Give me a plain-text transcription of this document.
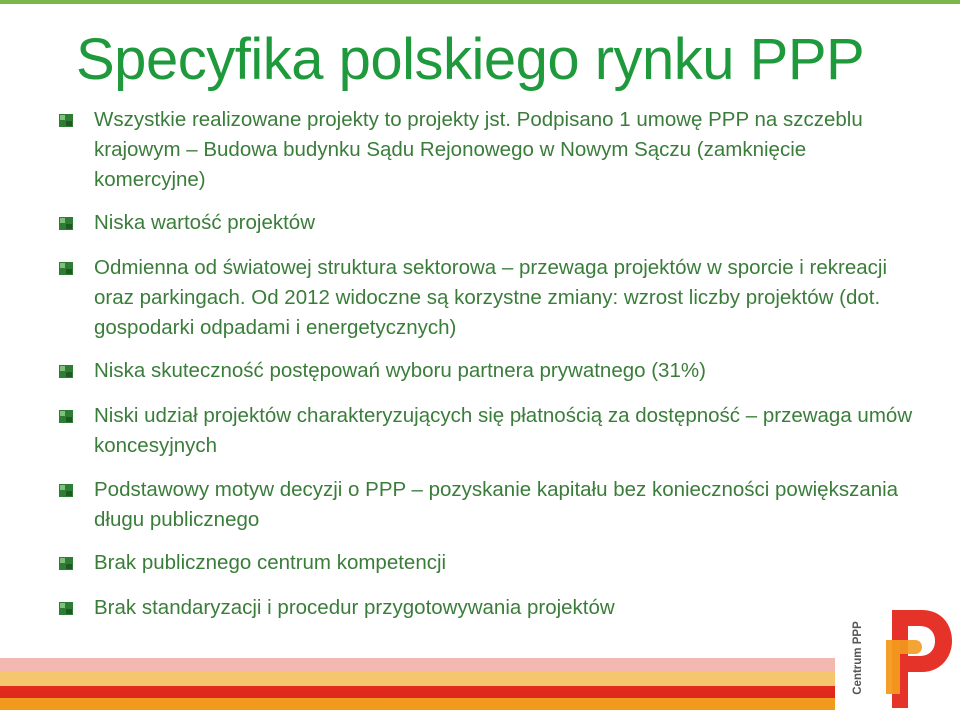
Specyfika polskiego rynku PPP
Wszystkie realizowane projekty to projekty jst. Podpisano 1 umowę PPP na szczeblu krajowym – Budowa budynku Sądu Rejonowego w Nowym Sączu (zamknięcie komercyjne)
Niska wartość projektów
Odmienna od światowej struktura sektorowa – przewaga projektów w sporcie i rekreacji oraz parkingach. Od 2012 widoczne są korzystne zmiany: wzrost liczby projektów (dot. gospodarki odpadami i energetycznych)
Niska skuteczność postępowań wyboru partnera prywatnego (31%)
Niski udział projektów charakteryzujących się płatnością za dostępność – przewaga umów koncesyjnych
Podstawowy motyw decyzji o PPP – pozyskanie kapitału bez konieczności powiększania długu publicznego
Brak publicznego centrum kompetencji
Brak standaryzacji i procedur przygotowywania projektów
Centrum PPP
